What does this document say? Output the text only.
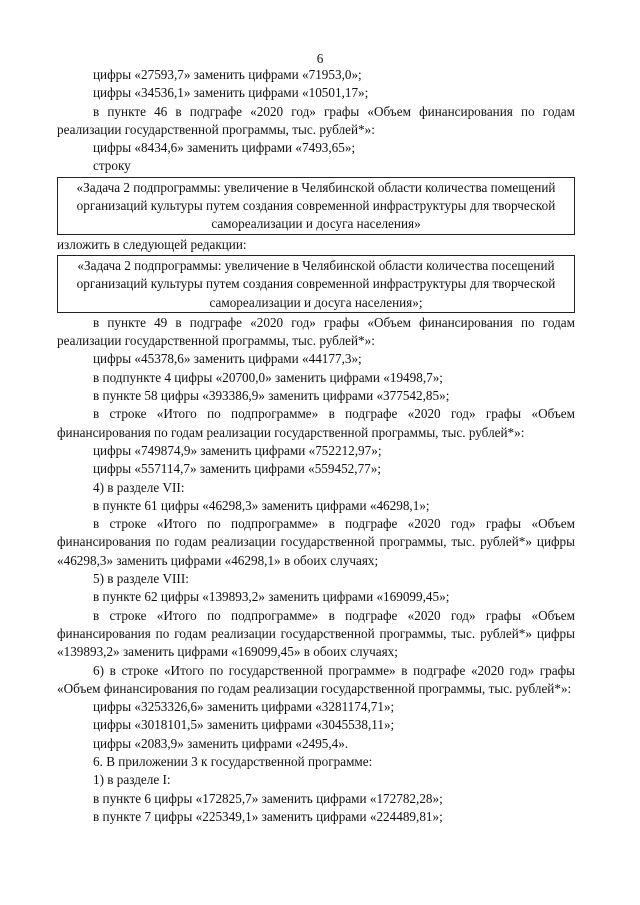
6

цифры «27593,7» заменить цифрами «71953,0»;

цифры «34536,1» заменить цифрами «10501,17»;

в пункте 46 в подграфе «2020 год» графы «Объем финансирования по годам реализации государственной программы, тыс. рублей*»:

цифры «8434,6» заменить цифрами «7493,65»;

строку

«Задача 2 подпрограммы: увеличение в Челябинской области количества помещений организаций культуры путем создания современной инфраструктуры для творческой самореализации и досуга населения»

изложить в следующей редакции:

«Задача 2 подпрограммы: увеличение в Челябинской области количества посещений организаций культуры путем создания современной инфраструктуры для творческой самореализации и досуга населения»;

в пункте 49 в подграфе «2020 год» графы «Объем финансирования по годам реализации государственной программы, тыс. рублей*»:

цифры «45378,6» заменить цифрами «44177,3»;

в подпункте 4 цифры «20700,0» заменить цифрами «19498,7»;

в пункте 58 цифры «393386,9» заменить цифрами «377542,85»;

в строке «Итого по подпрограмме» в подграфе «2020 год» графы «Объем финансирования по годам реализации государственной программы, тыс. рублей*»:

цифры «749874,9» заменить цифрами «752212,97»;

цифры «557114,7» заменить цифрами «559452,77»;

4) в разделе VII:

в пункте 61 цифры «46298,3» заменить цифрами «46298,1»;

в строке «Итого по подпрограмме» в подграфе «2020 год» графы «Объем финансирования по годам реализации государственной программы, тыс. рублей*» цифры «46298,3» заменить цифрами «46298,1» в обоих случаях;

5) в разделе VIII:

в пункте 62 цифры «139893,2» заменить цифрами «169099,45»;

в строке «Итого по подпрограмме» в подграфе «2020 год» графы «Объем финансирования по годам реализации государственной программы, тыс. рублей*» цифры «139893,2» заменить цифрами «169099,45» в обоих случаях;

6) в строке «Итого по государственной программе» в подграфе «2020 год» графы «Объем финансирования по годам реализации государственной программы, тыс. рублей*»:

цифры «3253326,6» заменить цифрами «3281174,71»;

цифры «3018101,5» заменить цифрами «3045538,11»;

цифры «2083,9» заменить цифрами «2495,4».

6. В приложении 3 к государственной программе:

1) в разделе I:

в пункте 6 цифры «172825,7» заменить цифрами «172782,28»;

в пункте 7 цифры «225349,1» заменить цифрами «224489,81»;
